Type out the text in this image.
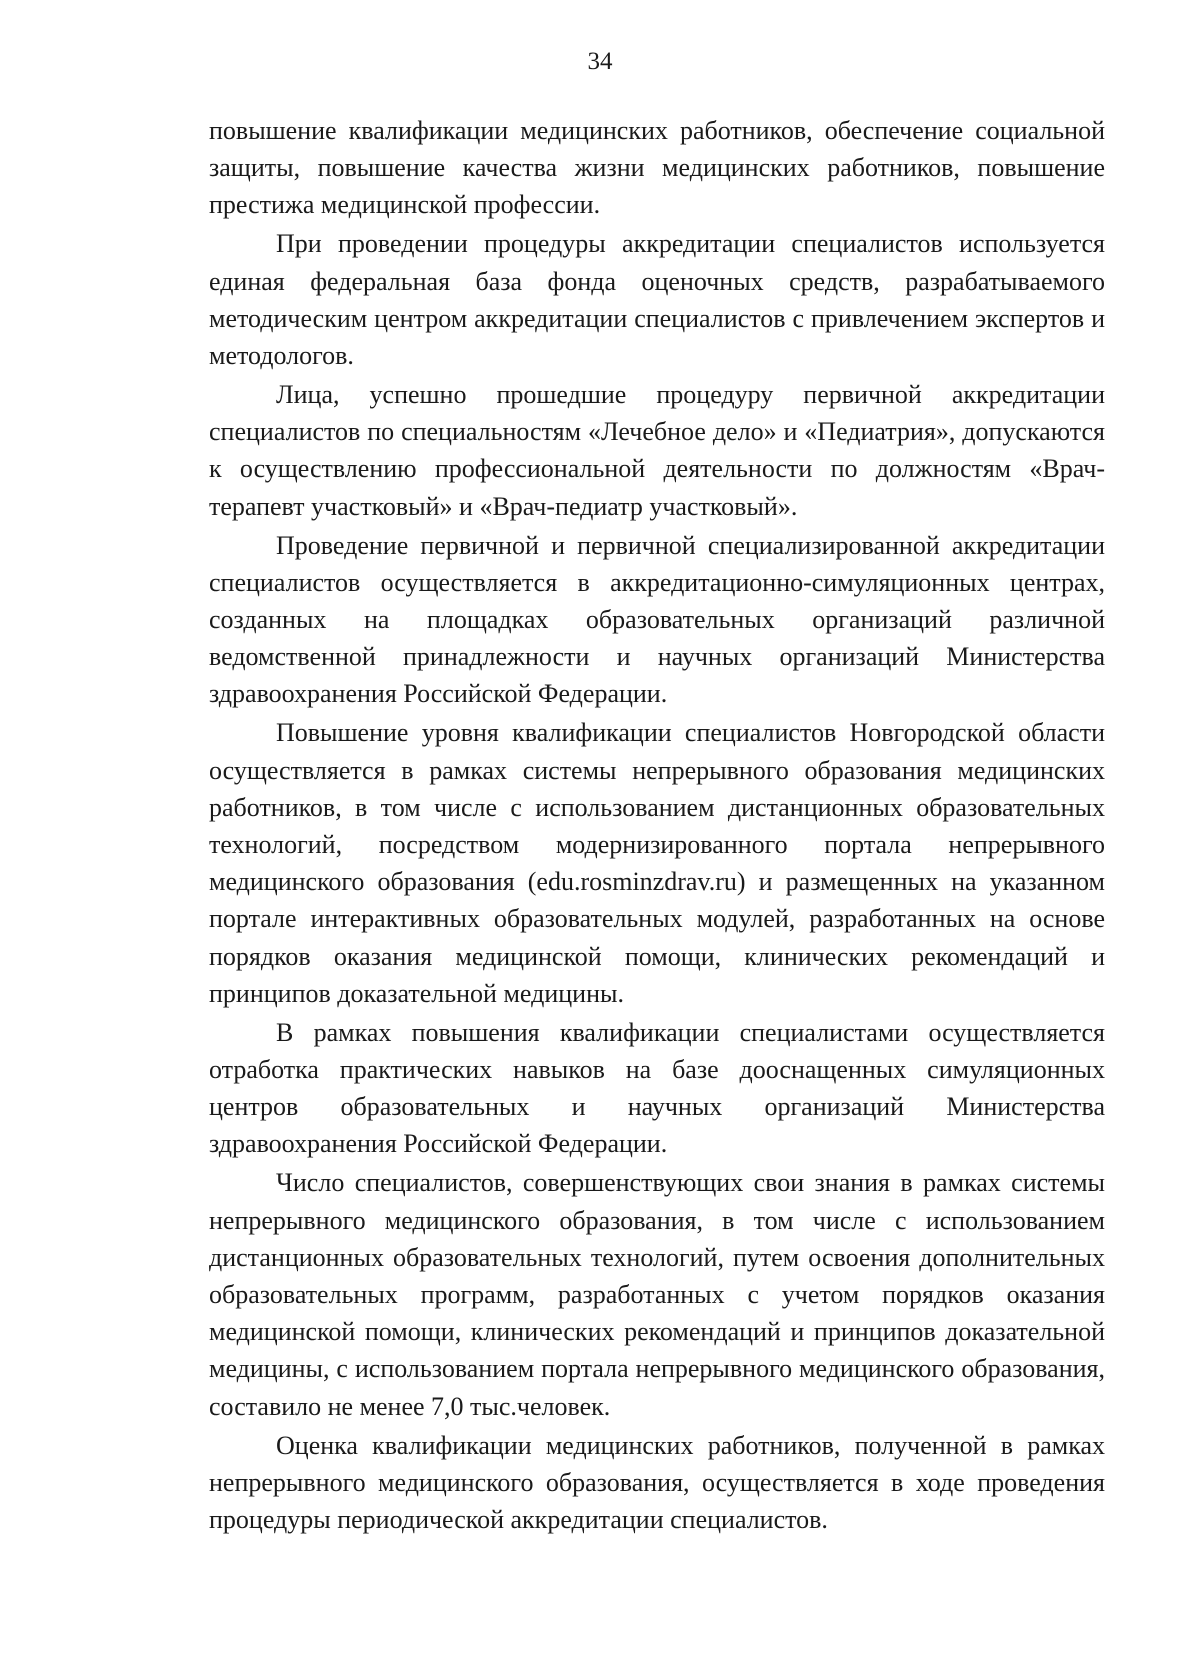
34

повышение квалификации медицинских работников, обеспечение социальной защиты, повышение качества жизни медицинских работников, повышение престижа медицинской профессии.

При проведении процедуры аккредитации специалистов используется единая федеральная база фонда оценочных средств, разрабатываемого методическим центром аккредитации специалистов с привлечением экспертов и методологов.

Лица, успешно прошедшие процедуру первичной аккредитации специалистов по специальностям «Лечебное дело» и «Педиатрия», допускаются к осуществлению профессиональной деятельности по должностям «Врач-терапевт участковый» и «Врач-педиатр участковый».

Проведение первичной и первичной специализированной аккредитации специалистов осуществляется в аккредитационно-симуляционных центрах, созданных на площадках образовательных организаций различной ведомственной принадлежности и научных организаций Министерства здравоохранения Российской Федерации.

Повышение уровня квалификации специалистов Новгородской области осуществляется в рамках системы непрерывного образования медицинских работников, в том числе с использованием дистанционных образовательных технологий, посредством модернизированного портала непрерывного медицинского образования (edu.rosminzdrav.ru) и размещенных на указанном портале интерактивных образовательных модулей, разработанных на основе порядков оказания медицинской помощи, клинических рекомендаций и принципов доказательной медицины.

В рамках повышения квалификации специалистами осуществляется отработка практических навыков на базе дооснащенных симуляционных центров образовательных и научных организаций Министерства здравоохранения Российской Федерации.

Число специалистов, совершенствующих свои знания в рамках системы непрерывного медицинского образования, в том числе с использованием дистанционных образовательных технологий, путем освоения дополнительных образовательных программ, разработанных с учетом порядков оказания медицинской помощи, клинических рекомендаций и принципов доказательной медицины, с использованием портала непрерывного медицинского образования, составило не менее 7,0 тыс.человек.

Оценка квалификации медицинских работников, полученной в рамках непрерывного медицинского образования, осуществляется в ходе проведения процедуры периодической аккредитации специалистов.
